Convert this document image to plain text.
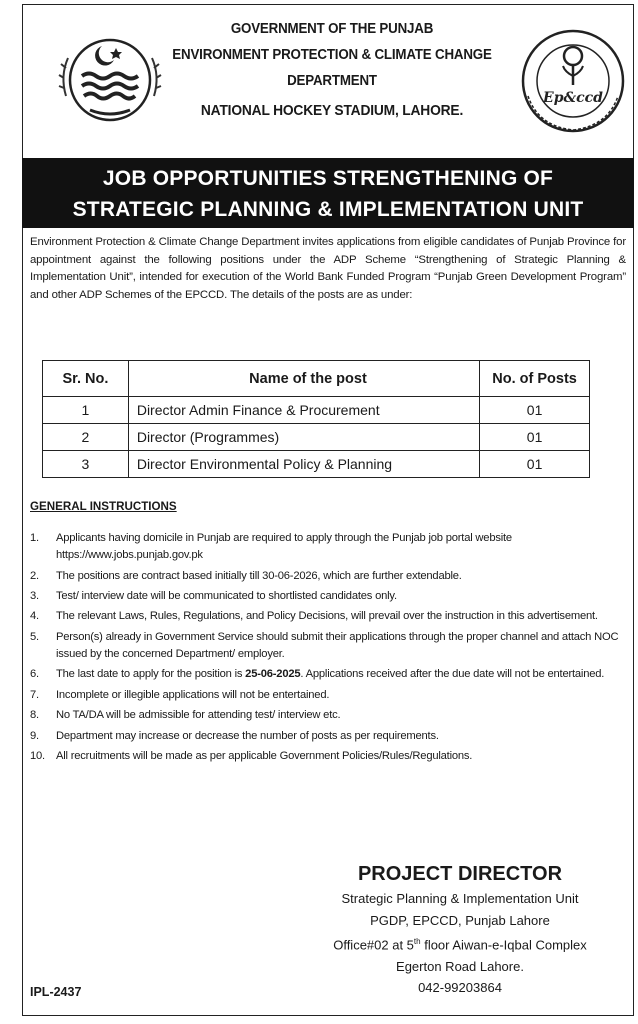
GOVERNMENT OF THE PUNJAB
ENVIRONMENT PROTECTION & CLIMATE CHANGE
DEPARTMENT
NATIONAL HOCKEY STADIUM, LAHORE.
Ep&ccd
JOB OPPORTUNITIES STRENGTHENING OF
STRATEGIC PLANNING & IMPLEMENTATION UNIT

Environment Protection & Climate Change Department invites applications from eligible candidates of Punjab Province for appointment against the following positions under the ADP Scheme “Strengthening of Strategic Planning & Implementation Unit”, intended for execution of the World Bank Funded Program “Punjab Green Development Program” and other ADP Schemes of the EPCCD. The details of the posts are as under:

Sr. No.	Name of the post	No. of Posts
1	Director Admin Finance & Procurement	01
2	Director (Programmes)	01
3	Director Environmental Policy & Planning	01
GENERAL INSTRUCTIONS
1.	Applicants having domicile in Punjab are required to apply through the Punjab job portal website
https://www.jobs.punjab.gov.pk
2.	The positions are contract based initially till 30-06-2026, which are further extendable.
3.	Test/ interview date will be communicated to shortlisted candidates only.
4.	The relevant Laws, Rules, Regulations, and Policy Decisions, will prevail over the instruction in this advertisement.
5.	Person(s) already in Government Service should submit their applications through the proper channel and attach NOC issued by the concerned Department/ employer.
6.	The last date to apply for the position is 25-06-2025. Applications received after the due date will not be entertained.
7.	Incomplete or illegible applications will not be entertained.
8.	No TA/DA will be admissible for attending test/ interview etc.
9.	Department may increase or decrease the number of posts as per requirements.
10. All recruitments will be made as per applicable Government Policies/Rules/Regulations.
PROJECT DIRECTOR
Strategic Planning & Implementation Unit
PGDP, EPCCD, Punjab Lahore
Office#02 at 5th floor Aiwan-e-Iqbal Complex
Egerton Road Lahore.
042-99203864
IPL-2437
